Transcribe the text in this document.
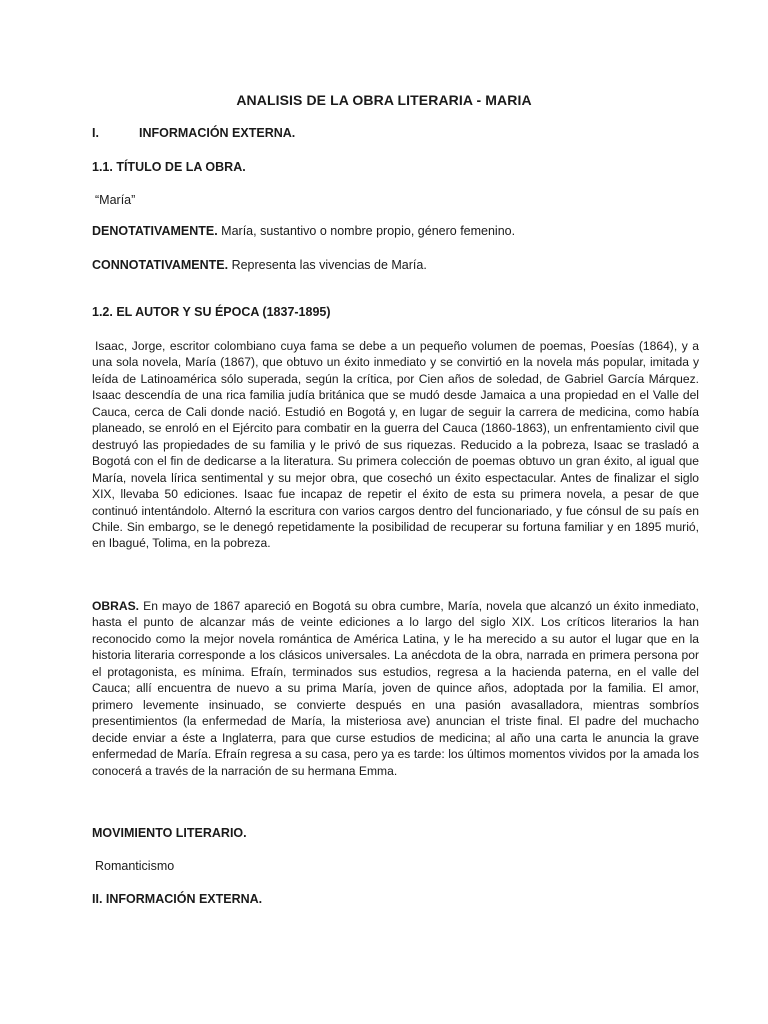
ANALISIS DE LA OBRA LITERARIA - MARIA
I.	INFORMACIÓN EXTERNA.
1.1. TÍTULO DE LA OBRA.
“María”
DENOTATIVAMENTE. María, sustantivo o nombre propio, género femenino.
CONNOTATIVAMENTE. Representa las vivencias de María.
1.2. EL AUTOR Y SU ÉPOCA (1837-1895)

Isaac, Jorge, escritor colombiano cuya fama se debe a un pequeño volumen de poemas, Poesías (1864), y a una sola novela, María (1867), que obtuvo un éxito inmediato y se convirtió en la novela más popular, imitada y leída de Latinoamérica sólo superada, según la crítica, por Cien años de soledad, de Gabriel García Márquez. Isaac descendía de una rica familia judía británica que se mudó desde Jamaica a una propiedad en el Valle del Cauca, cerca de Cali donde nació. Estudió en Bogotá y, en lugar de seguir la carrera de medicina, como había planeado, se enroló en el Ejército para combatir en la guerra del Cauca (1860-1863), un enfrentamiento civil que destruyó las propiedades de su familia y le privó de sus riquezas. Reducido a la pobreza, Isaac se trasladó a Bogotá con el fin de dedicarse a la literatura. Su primera colección de poemas obtuvo un gran éxito, al igual que María, novela lírica sentimental y su mejor obra, que cosechó un éxito espectacular. Antes de finalizar el siglo XIX, llevaba 50 ediciones. Isaac fue incapaz de repetir el éxito de esta su primera novela, a pesar de que continuó intentándolo. Alternó la escritura con varios cargos dentro del funcionariado, y fue cónsul de su país en Chile. Sin embargo, se le denegó repetidamente la posibilidad de recuperar su fortuna familiar y en 1895 murió, en Ibagué, Tolima, en la pobreza.

OBRAS. En mayo de 1867 apareció en Bogotá su obra cumbre, María, novela que alcanzó un éxito inmediato, hasta el punto de alcanzar más de veinte ediciones a lo largo del siglo XIX. Los críticos literarios la han reconocido como la mejor novela romántica de América Latina, y le ha merecido a su autor el lugar que en la historia literaria corresponde a los clásicos universales. La anécdota de la obra, narrada en primera persona por el protagonista, es mínima. Efraín, terminados sus estudios, regresa a la hacienda paterna, en el valle del Cauca; allí encuentra de nuevo a su prima María, joven de quince años, adoptada por la familia. El amor, primero levemente insinuado, se convierte después en una pasión avasalladora, mientras sombríos presentimientos (la enfermedad de María, la misteriosa ave) anuncian el triste final. El padre del muchacho decide enviar a éste a Inglaterra, para que curse estudios de medicina; al año una carta le anuncia la grave enfermedad de María. Efraín regresa a su casa, pero ya es tarde: los últimos momentos vividos por la amada los conocerá a través de la narración de su hermana Emma.

MOVIMIENTO LITERARIO.
Romanticismo
II. INFORMACIÓN EXTERNA.
